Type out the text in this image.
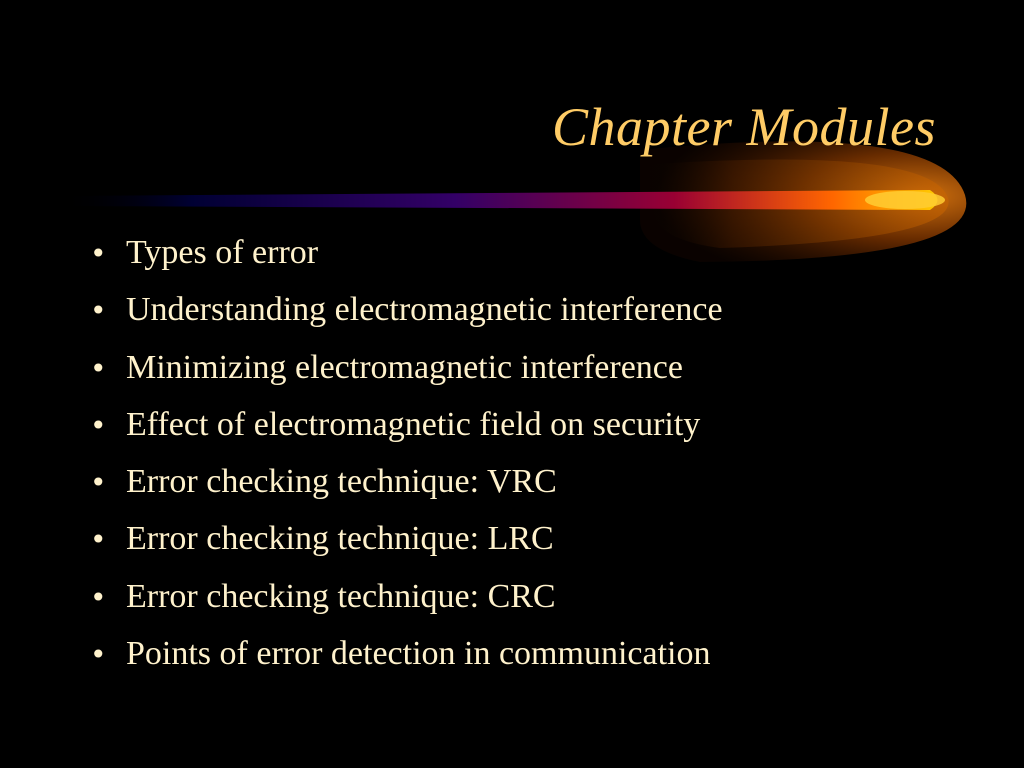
Chapter Modules
• Types of error
• Understanding electromagnetic interference
• Minimizing electromagnetic interference
• Effect of electromagnetic field on security
• Error checking technique: VRC
• Error checking technique: LRC
• Error checking technique: CRC
• Points of error detection in communication
